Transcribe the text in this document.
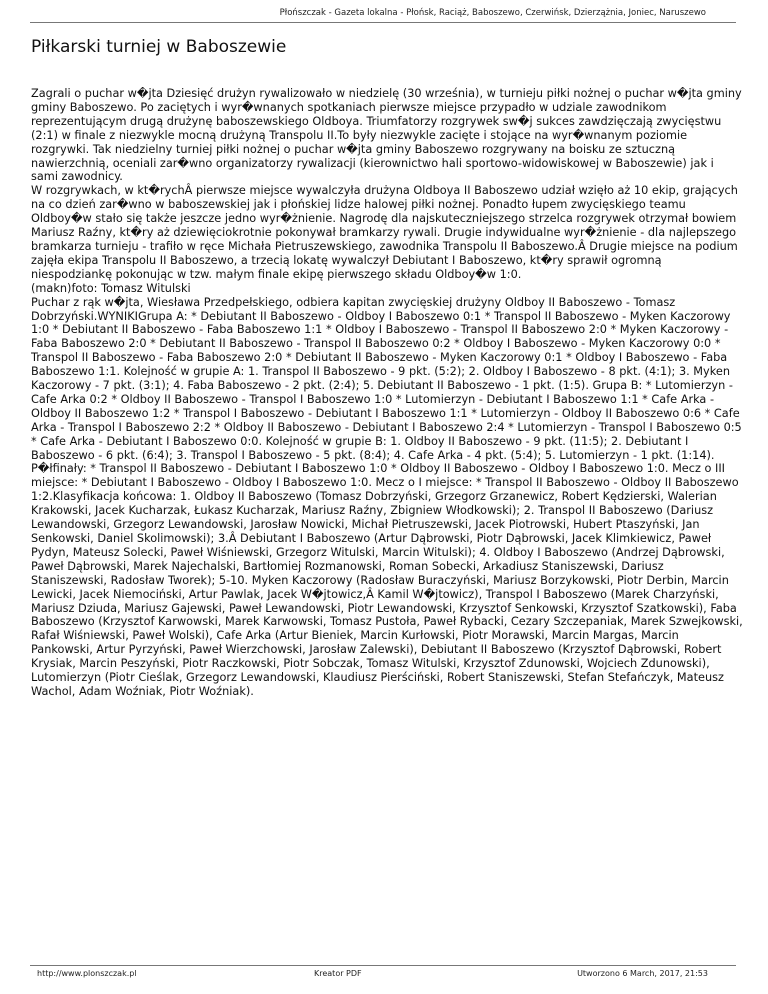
Płońszczak - Gazeta lokalna - Płońsk, Raciąż, Baboszewo, Czerwińsk, Dzierzążnia, Joniec, Naruszewo
Piłkarski turniej w Baboszewie

Zagrali o puchar w�jta Dziesięć drużyn rywalizowało w niedzielę (30 września), w turnieju piłki nożnej o puchar w�jta gminy gminy Baboszewo. Po zaciętych i wyr�wnanych spotkaniach pierwsze miejsce przypadło w udziale zawodnikom reprezentującym drugą drużynę baboszewskiego Oldboya. Triumfatorzy rozgrywek sw�j sukces zawdzięczają zwycięstwu (2:1) w finale z niezwykle mocną drużyną Transpolu II.To były niezwykle zacięte i stojące na wyr�wnanym poziomie rozgrywki. Tak niedzielny turniej piłki nożnej o puchar w�jta gminy Baboszewo rozgrywany na boisku ze sztuczną nawierzchnią, oceniali zar�wno organizatorzy rywalizacji (kierownictwo hali sportowo-widowiskowej w Baboszewie) jak i sami zawodnicy.

W rozgrywkach, w kt�rychÂ pierwsze miejsce wywalczyła drużyna Oldboya II Baboszewo udział wzięło aż 10 ekip, grających na co dzień zar�wno w baboszewskiej jak i płońskiej lidze halowej piłki nożnej. Ponadto łupem zwycięskiego teamu Oldboy�w stało się także jeszcze jedno wyr�żnienie. Nagrodę dla najskuteczniejszego strzelca rozgrywek otrzymał bowiem Mariusz Raźny, kt�ry aż dziewięciokrotnie pokonywał bramkarzy rywali. Drugie indywidualne wyr�żnienie - dla najlepszego bramkarza turnieju - trafiło w ręce Michała Pietruszewskiego, zawodnika Transpolu II Baboszewo.Â Drugie miejsce na podium zajęła ekipa Transpolu II Baboszewo, a trzecią lokatę wywalczył Debiutant I Baboszewo, kt�ry sprawił ogromną niespodziankę pokonując w tzw. małym finale ekipę pierwszego składu Oldboy�w 1:0.

(makn)foto: Tomasz Witulski

Puchar z rąk w�jta, Wiesława Przedpełskiego, odbiera kapitan zwycięskiej drużyny Oldboy II Baboszewo - Tomasz Dobrzyński.WYNIKIGrupa A: * Debiutant II Baboszewo - Oldboy I Baboszewo 0:1 * Transpol II Baboszewo - Myken Kaczorowy 1:0 * Debiutant II Baboszewo - Faba Baboszewo 1:1 * Oldboy I Baboszewo - Transpol II Baboszewo 2:0 * Myken Kaczorowy - Faba Baboszewo 2:0 * Debiutant II Baboszewo - Transpol II Baboszewo 0:2 * Oldboy I Baboszewo - Myken Kaczorowy 0:0 * Transpol II Baboszewo - Faba Baboszewo 2:0 * Debiutant II Baboszewo - Myken Kaczorowy 0:1 * Oldboy I Baboszewo - Faba Baboszewo 1:1. Kolejność w grupie A: 1. Transpol II Baboszewo - 9 pkt. (5:2); 2. Oldboy I Baboszewo - 8 pkt. (4:1); 3. Myken Kaczorowy - 7 pkt. (3:1); 4. Faba Baboszewo - 2 pkt. (2:4); 5. Debiutant II Baboszewo - 1 pkt. (1:5). Grupa B: * Lutomierzyn - Cafe Arka 0:2 * Oldboy II Baboszewo - Transpol I Baboszewo 1:0 * Lutomierzyn - Debiutant I Baboszewo 1:1 * Cafe Arka - Oldboy II Baboszewo 1:2 * Transpol I Baboszewo - Debiutant I Baboszewo 1:1 * Lutomierzyn - Oldboy II Baboszewo 0:6 * Cafe Arka - Transpol I Baboszewo 2:2 * Oldboy II Baboszewo - Debiutant I Baboszewo 2:4 * Lutomierzyn - Transpol I Baboszewo 0:5 * Cafe Arka - Debiutant I Baboszewo 0:0. Kolejność w grupie B: 1. Oldboy II Baboszewo - 9 pkt. (11:5); 2. Debiutant I Baboszewo - 6 pkt. (6:4); 3. Transpol I Baboszewo - 5 pkt. (8:4); 4. Cafe Arka - 4 pkt. (5:4); 5. Lutomierzyn - 1 pkt. (1:14). P�łfinały: * Transpol II Baboszewo - Debiutant I Baboszewo 1:0 * Oldboy II Baboszewo - Oldboy I Baboszewo 1:0. Mecz o III miejsce: * Debiutant I Baboszewo - Oldboy I Baboszewo 1:0. Mecz o I miejsce: * Transpol II Baboszewo - Oldboy II Baboszewo 1:2.Klasyfikacja końcowa: 1. Oldboy II Baboszewo (Tomasz Dobrzyński, Grzegorz Grzanewicz, Robert Kędzierski, Walerian Krakowski, Jacek Kucharzak, Łukasz Kucharzak, Mariusz Raźny, Zbigniew Włodkowski); 2. Transpol II Baboszewo (Dariusz Lewandowski, Grzegorz Lewandowski, Jarosław Nowicki, Michał Pietruszewski, Jacek Piotrowski, Hubert Ptaszyński, Jan Senkowski, Daniel Skolimowski); 3.Â Debiutant I Baboszewo (Artur Dąbrowski, Piotr Dąbrowski, Jacek Klimkiewicz, Paweł Pydyn, Mateusz Solecki, Paweł Wiśniewski, Grzegorz Witulski, Marcin Witulski); 4. Oldboy I Baboszewo (Andrzej Dąbrowski, Paweł Dąbrowski, Marek Najechalski, Bartłomiej Rozmanowski, Roman Sobecki, Arkadiusz Staniszewski, Dariusz Staniszewski, Radosław Tworek); 5-10. Myken Kaczorowy (Radosław Buraczyński, Mariusz Borzykowski, Piotr Derbin, Marcin Lewicki, Jacek Niemociński, Artur Pawlak, Jacek W�jtowicz,Â Kamil W�jtowicz), Transpol I Baboszewo (Marek Charzyński, Mariusz Dziuda, Mariusz Gajewski, Paweł Lewandowski, Piotr Lewandowski, Krzysztof Senkowski, Krzysztof Szatkowski), Faba Baboszewo (Krzysztof Karwowski, Marek Karwowski, Tomasz Pustoła, Paweł Rybacki, Cezary Szczepaniak, Marek Szwejkowski, Rafał Wiśniewski, Paweł Wolski), Cafe Arka (Artur Bieniek, Marcin Kurłowski, Piotr Morawski, Marcin Margas, Marcin Pankowski, Artur Pyrzyński, Paweł Wierzchowski, Jarosław Zalewski), Debiutant II Baboszewo (Krzysztof Dąbrowski, Robert Krysiak, Marcin Peszyński, Piotr Raczkowski, Piotr Sobczak, Tomasz Witulski, Krzysztof Zdunowski, Wojciech Zdunowski), Lutomierzyn (Piotr Cieślak, Grzegorz Lewandowski, Klaudiusz Pierściński, Robert Staniszewski, Stefan Stefańczyk, Mateusz Wachol, Adam Woźniak, Piotr Woźniak).

http://www.plonszczak.pl	Kreator PDF	Utworzono 6 March, 2017, 21:53
